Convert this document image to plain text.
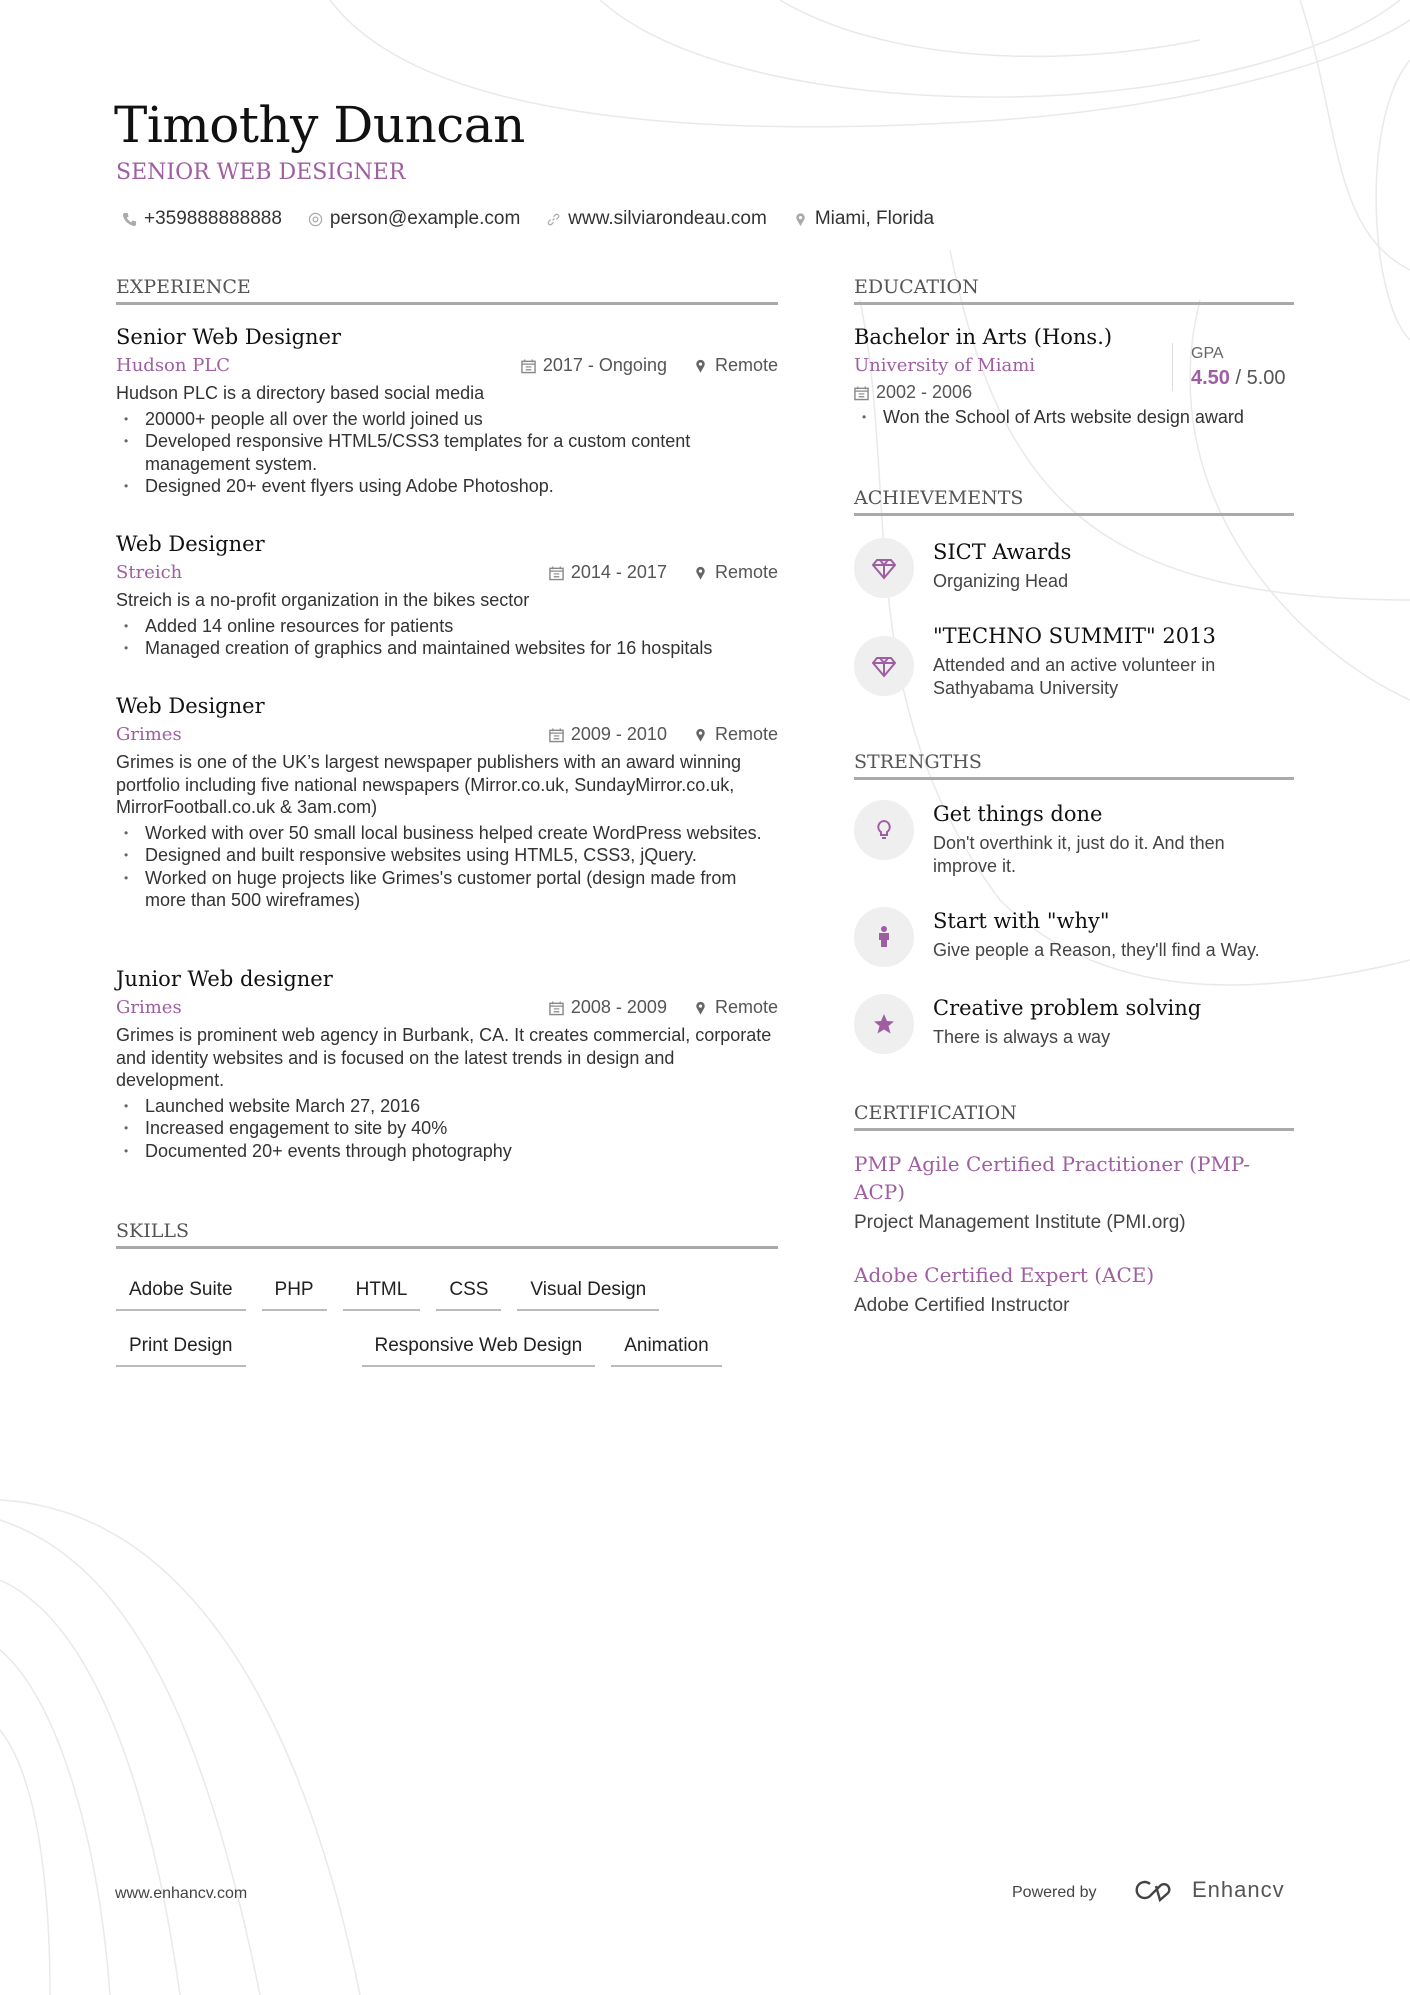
Timothy Duncan
SENIOR WEB DESIGNER
+359888888888	person@example.com	www.silviarondeau.com	Miami, Florida
EXPERIENCE
Senior Web Designer
Hudson PLC	2017 - Ongoing	Remote
Hudson PLC is a directory based social media
• 20000+ people all over the world joined us
• Developed responsive HTML5/CSS3 templates for a custom content management system.
• Designed 20+ event flyers using Adobe Photoshop.
Web Designer
Streich	2014 - 2017	Remote
Streich is a no-profit organization in the bikes sector
• Added 14 online resources for patients
• Managed creation of graphics and maintained websites for 16 hospitals
Web Designer
Grimes	2009 - 2010	Remote
Grimes is one of the UK’s largest newspaper publishers with an award winning portfolio including five national newspapers (Mirror.co.uk, SundayMirror.co.uk, MirrorFootball.co.uk & 3am.com)
• Worked with over 50 small local business helped create WordPress websites.
• Designed and built responsive websites using HTML5, CSS3, jQuery.
• Worked on huge projects like Grimes's customer portal (design made from more than 500 wireframes)
Junior Web designer
Grimes	2008 - 2009	Remote
Grimes is prominent web agency in Burbank, CA. It creates commercial, corporate and identity websites and is focused on the latest trends in design and development.
• Launched website March 27, 2016
• Increased engagement to site by 40%
• Documented 20+ events through photography
SKILLS
Adobe Suite	PHP	HTML	CSS	Visual Design
Print Design	Responsive Web Design	Animation
EDUCATION
Bachelor in Arts (Hons.)
University of Miami
2002 - 2006
• Won the School of Arts website design award
GPA
4.50 / 5.00
ACHIEVEMENTS
SICT Awards
Organizing Head
"TECHNO SUMMIT" 2013
Attended and an active volunteer in Sathyabama University
STRENGTHS
Get things done
Don't overthink it, just do it. And then improve it.
Start with "why"
Give people a Reason, they'll find a Way.
Creative problem solving
There is always a way
CERTIFICATION
PMP Agile Certified Practitioner (PMP-ACP)
Project Management Institute (PMI.org)
Adobe Certified Expert (ACE)
Adobe Certified Instructor
www.enhancv.com	Powered by	Enhancv
